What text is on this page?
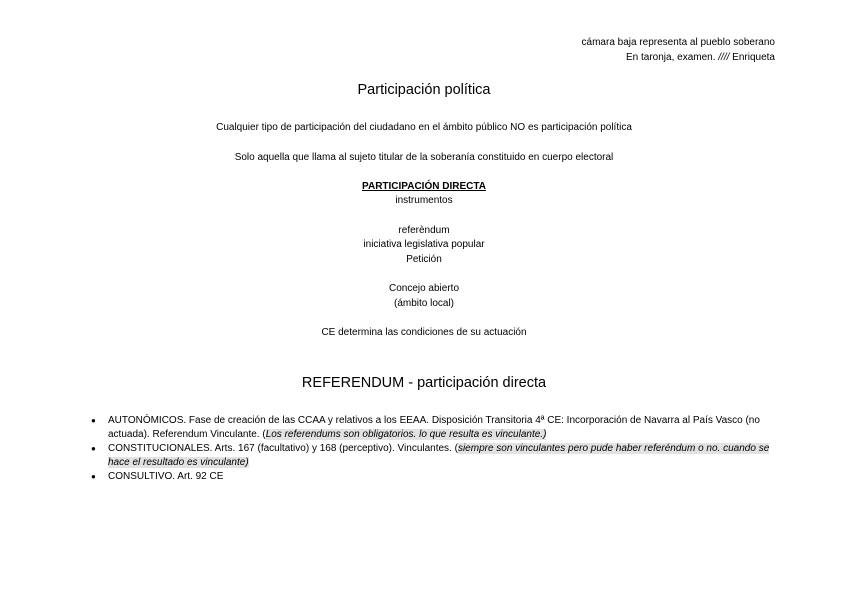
cámara baja representa al pueblo soberano
En taronja, examen. //// Enriqueta
Participación política
Cualquier tipo de participación del ciudadano en el ámbito público NO es participación política
Solo aquella que llama al sujeto titular de la soberanía constituido en cuerpo electoral
PARTICIPACIÓN DIRECTA
instrumentos
referèndum
iniciativa legislativa popular
Petición
Concejo abierto
(ámbito local)
CE determina las condiciones de su actuación
REFERENDUM - participación directa
● AUTONÓMICOS. Fase de creación de las CCAA y relativos a los EEAA. Disposición Transitoria 4ª CE: Incorporación de Navarra al País Vasco (no actuada). Referendum Vinculante. (Los referendums son obligatorios. lo que resulta es vinculante.)
● CONSTITUCIONALES. Arts. 167 (facultativo) y 168 (perceptivo). Vinculantes. (siempre son vinculantes pero pude haber referéndum o no. cuando se hace el resultado es vinculante)
● CONSULTIVO. Art. 92 CE
